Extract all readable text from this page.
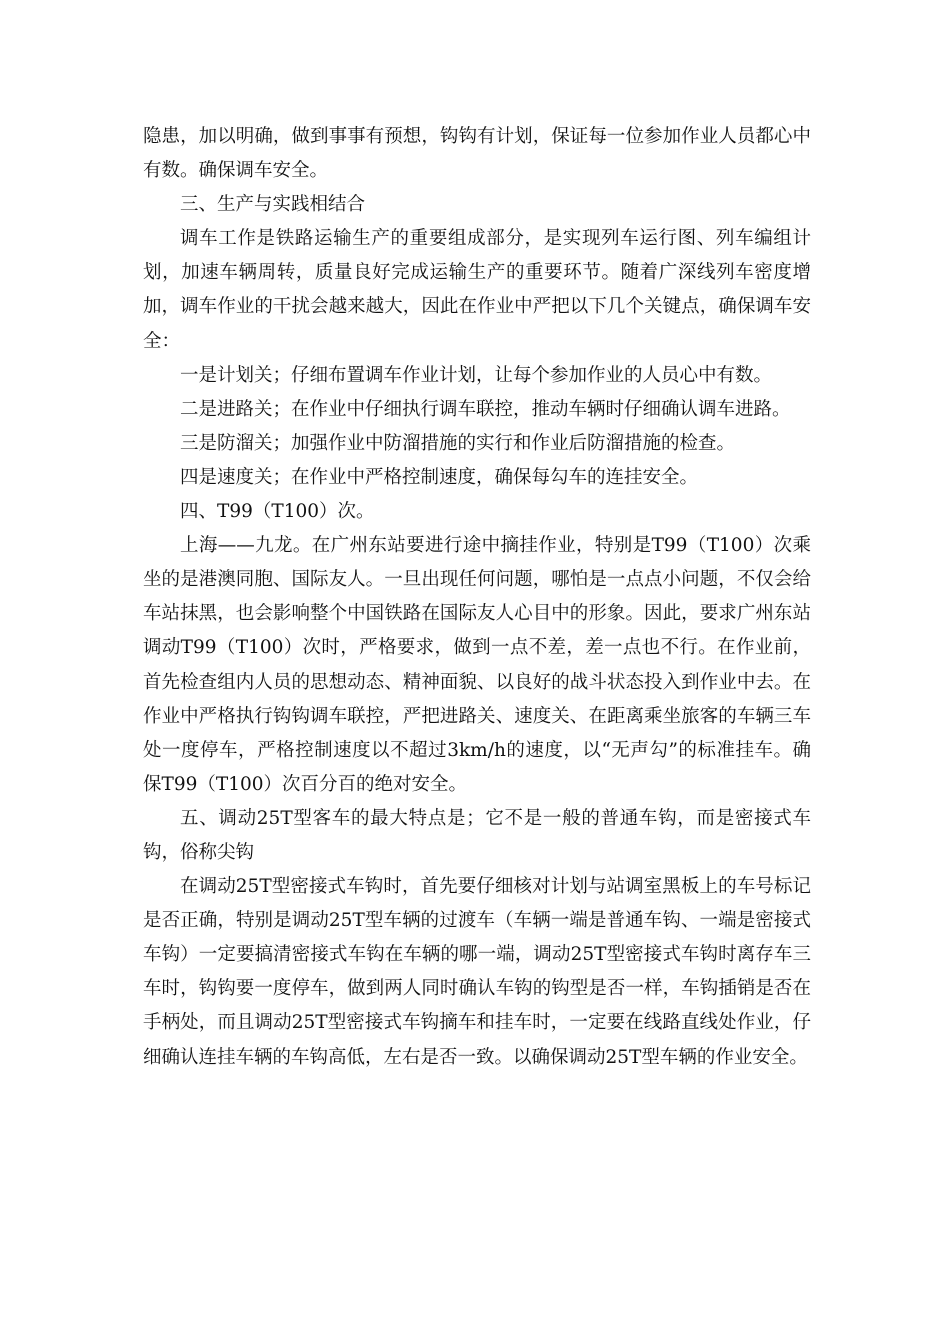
隐患，加以明确，做到事事有预想，钩钩有计划，保证每一位参加作业人员都心中有数。确保调车安全。

三、生产与实践相结合

调车工作是铁路运输生产的重要组成部分，是实现列车运行图、列车编组计划，加速车辆周转，质量良好完成运输生产的重要环节。随着广深线列车密度增加，调车作业的干扰会越来越大，因此在作业中严把以下几个关键点，确保调车安全：

一是计划关；仔细布置调车作业计划，让每个参加作业的人员心中有数。

二是进路关；在作业中仔细执行调车联控，推动车辆时仔细确认调车进路。

三是防溜关；加强作业中防溜措施的实行和作业后防溜措施的检查。

四是速度关；在作业中严格控制速度，确保每勾车的连挂安全。

四、T99（T100）次。

上海——九龙。在广州东站要进行途中摘挂作业，特别是T99（T100）次乘坐的是港澳同胞、国际友人。一旦出现任何问题，哪怕是一点点小问题，不仅会给车站抹黑，也会影响整个中国铁路在国际友人心目中的形象。因此，要求广州东站调动T99（T100）次时，严格要求，做到一点不差，差一点也不行。在作业前，首先检查组内人员的思想动态、精神面貌、以良好的战斗状态投入到作业中去。在作业中严格执行钩钩调车联控，严把进路关、速度关、在距离乘坐旅客的车辆三车处一度停车，严格控制速度以不超过3km/h的速度，以“无声勾”的标准挂车。确保T99（T100）次百分百的绝对安全。

五、调动25T型客车的最大特点是；它不是一般的普通车钩，而是密接式车钩，俗称尖钩

在调动25T型密接式车钩时，首先要仔细核对计划与站调室黑板上的车号标记是否正确，特别是调动25T型车辆的过渡车（车辆一端是普通车钩、一端是密接式车钩）一定要搞清密接式车钩在车辆的哪一端，调动25T型密接式车钩时离存车三车时，钩钩要一度停车，做到两人同时确认车钩的钩型是否一样，车钩插销是否在手柄处，而且调动25T型密接式车钩摘车和挂车时，一定要在线路直线处作业，仔细确认连挂车辆的车钩高低，左右是否一致。以确保调动25T型车辆的作业安全。
